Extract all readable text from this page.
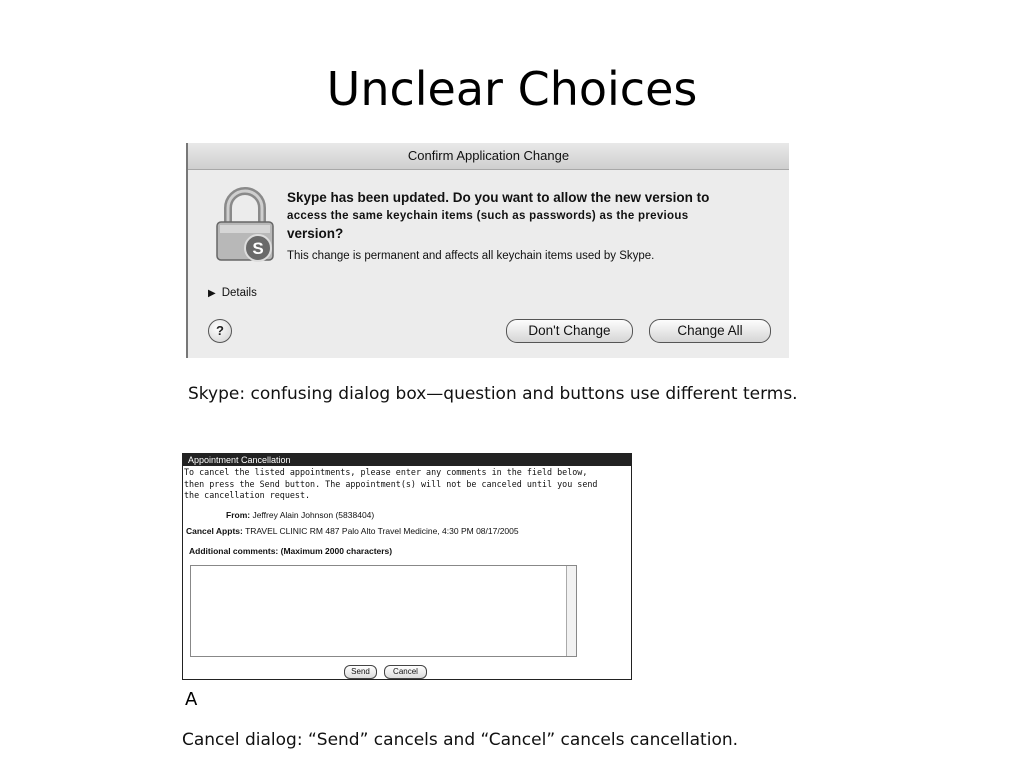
Unclear Choices
Confirm Application Change
S
Skype has been updated. Do you want to allow the new version to
access the same keychain items (such as passwords) as the previous
version?
This change is permanent and affects all keychain items used by Skype.
▶ Details
?	Don't Change	Change All
Skype: confusing dialog box—question and buttons use different terms.
Appointment Cancellation
To cancel the listed appointments, please enter any comments in the field below,
then press the Send button. The appointment(s) will not be canceled until you send
the cancellation request.
From: Jeffrey Alain Johnson (5838404)
Cancel Appts: TRAVEL CLINIC RM 487 Palo Alto Travel Medicine, 4:30 PM 08/17/2005
Additional comments: (Maximum 2000 characters)
Send	Cancel
A
Cancel dialog: “Send” cancels and “Cancel” cancels cancellation.
